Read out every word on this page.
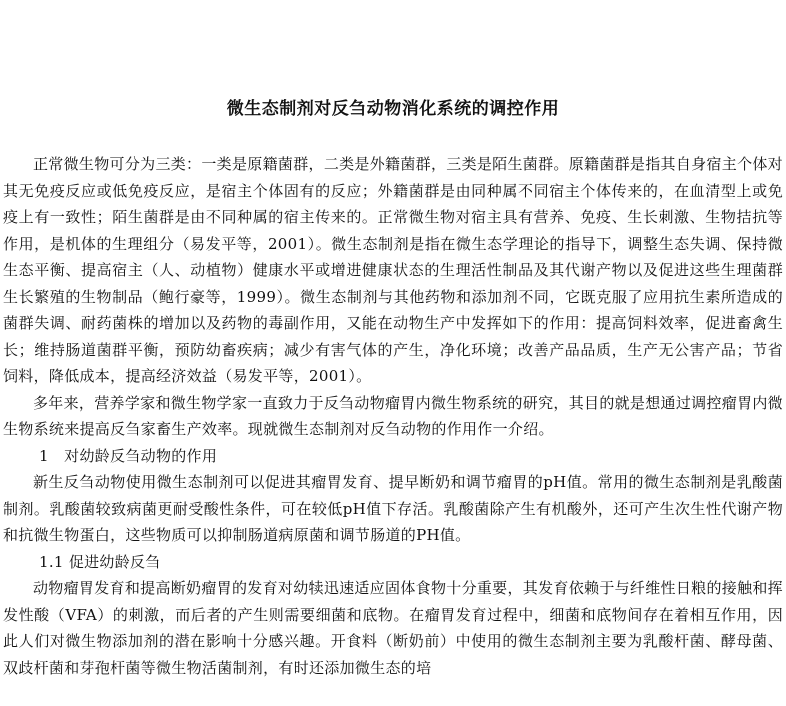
微生态制剂对反刍动物消化系统的调控作用

正常微生物可分为三类：一类是原籍菌群，二类是外籍菌群，三类是陌生菌群。原籍菌群是指其自身宿主个体对其无免疫反应或低免疫反应，是宿主个体固有的反应；外籍菌群是由同种属不同宿主个体传来的，在血清型上或免疫上有一致性；陌生菌群是由不同种属的宿主传来的。正常微生物对宿主具有营养、免疫、生长刺激、生物拮抗等作用，是机体的生理组分（易发平等，2001）。微生态制剂是指在微生态学理论的指导下，调整生态失调、保持微生态平衡、提高宿主（人、动植物）健康水平或增进健康状态的生理活性制品及其代谢产物以及促进这些生理菌群生长繁殖的生物制品（鲍行豪等，1999）。微生态制剂与其他药物和添加剂不同，它既克服了应用抗生素所造成的菌群失调、耐药菌株的增加以及药物的毒副作用，又能在动物生产中发挥如下的作用：提高饲料效率，促进畜禽生长；维持肠道菌群平衡，预防幼畜疾病；减少有害气体的产生，净化环境；改善产品品质，生产无公害产品；节省饲料，降低成本，提高经济效益（易发平等，2001）。

多年来，营养学家和微生物学家一直致力于反刍动物瘤胃内微生物系统的研究，其目的就是想通过调控瘤胃内微生物系统来提高反刍家畜生产效率。现就微生态制剂对反刍动物的作用作一介绍。

1　对幼龄反刍动物的作用

新生反刍动物使用微生态制剂可以促进其瘤胃发育、提早断奶和调节瘤胃的pH值。常用的微生态制剂是乳酸菌制剂。乳酸菌较致病菌更耐受酸性条件，可在较低pH值下存活。乳酸菌除产生有机酸外，还可产生次生性代谢产物和抗微生物蛋白，这些物质可以抑制肠道病原菌和调节肠道的PH值。

1.1 促进幼龄反刍

动物瘤胃发育和提高断奶瘤胃的发育对幼犊迅速适应固体食物十分重要，其发育依赖于与纤维性日粮的接触和挥发性酸（VFA）的刺激，而后者的产生则需要细菌和底物。在瘤胃发育过程中，细菌和底物间存在着相互作用，因此人们对微生物添加剂的潜在影响十分感兴趣。开食料（断奶前）中使用的微生态制剂主要为乳酸杆菌、酵母菌、双歧杆菌和芽孢杆菌等微生物活菌制剂，有时还添加微生态的培
